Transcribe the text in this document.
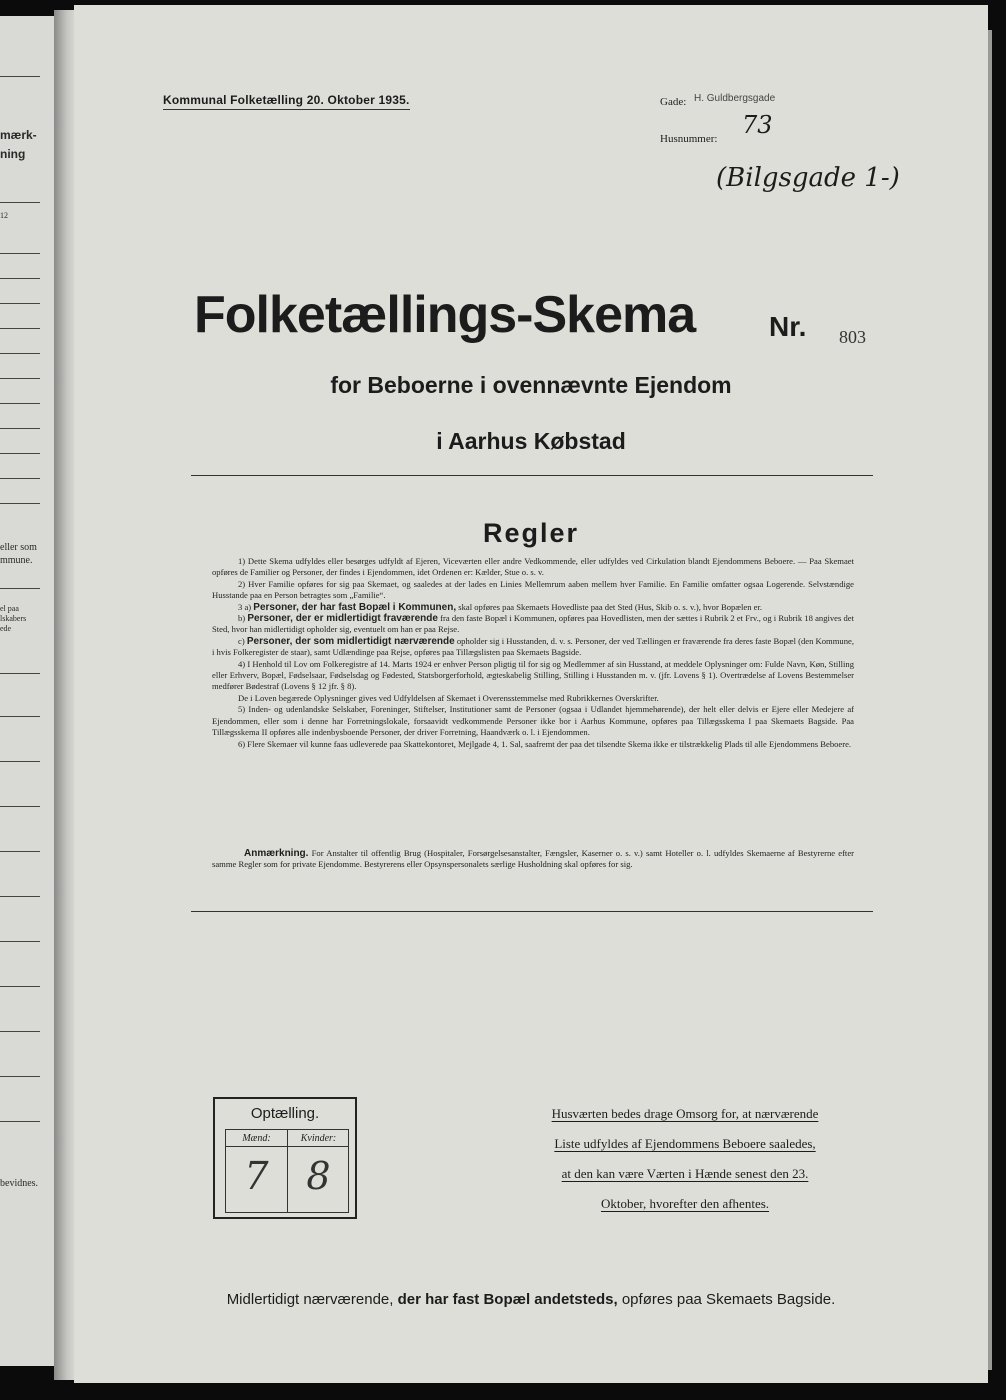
mærk-
ning
12
eller som
mmune.
el paa
lskabers
ede
bevidnes.
Kommunal Folketælling 20. Oktober 1935.	Gade: H. Guldbergsgade
Husnummer: 73
(Bilgsgade 1-)
Folketællings-Skema	Nr. 803
for Beboerne i ovennævnte Ejendom
i Aarhus Købstad
Regler

1) Dette Skema udfyldes eller besørges udfyldt af Ejeren, Viceværten eller andre Vedkommende, eller udfyldes ved Cirkulation blandt Ejendommens Beboere. — Paa Skemaet opføres de Familier og Personer, der findes i Ejendommen, idet Ordenen er: Kælder, Stue o. s. v.

2) Hver Familie opføres for sig paa Skemaet, og saaledes at der lades en Linies Mellemrum aaben mellem hver Familie. En Familie omfatter ogsaa Logerende. Selvstændige Husstande paa en Person betragtes som „Familie“.

3 a) Personer, der har fast Bopæl i Kommunen, skal opføres paa Skemaets Hovedliste paa det Sted (Hus, Skib o. s. v.), hvor Bopælen er.

b) Personer, der er midlertidigt fraværende fra den faste Bopæl i Kommunen, opføres paa Hovedlisten, men der sættes i Rubrik 2 et Frv., og i Rubrik 18 angives det Sted, hvor han midlertidigt opholder sig, eventuelt om han er paa Rejse.

c) Personer, der som midlertidigt nærværende opholder sig i Husstanden, d. v. s. Personer, der ved Tællingen er fraværende fra deres faste Bopæl (den Kommune, i hvis Folkeregister de staar), samt Udlændinge paa Rejse, opføres paa Tillægslisten paa Skemaets Bagside.

4) I Henhold til Lov om Folkeregistre af 14. Marts 1924 er enhver Person pligtig til for sig og Medlemmer af sin Husstand, at meddele Oplysninger om: Fulde Navn, Køn, Stilling eller Erhverv, Bopæl, Fødselsaar, Fødselsdag og Fødested, Statsborgerforhold, ægteskabelig Stilling, Stilling i Husstanden m. v. (jfr. Lovens § 1). Overtrædelse af Lovens Bestemmelser medfører Bødestraf (Lovens § 12 jfr. § 8).

De i Loven begærede Oplysninger gives ved Udfyldelsen af Skemaet i Overensstemmelse med Rubrikkernes Overskrifter.

5) Inden- og udenlandske Selskaber, Foreninger, Stiftelser, Institutioner samt de Personer (ogsaa i Udlandet hjemmehørende), der helt eller delvis er Ejere eller Medejere af Ejendommen, eller som i denne har Forretningslokale, forsaavidt vedkommende Personer ikke bor i Aarhus Kommune, opføres paa Tillægsskema I paa Skemaets Bagside. Paa Tillægsskema II opføres alle indenbysboende Personer, der driver Forretning, Haandværk o. l. i Ejendommen.

6) Flere Skemaer vil kunne faas udleverede paa Skattekontoret, Mejlgade 4, 1. Sal, saafremt der paa det tilsendte Skema ikke er tilstrækkelig Plads til alle Ejendommens Beboere.

Anmærkning. For Anstalter til offentlig Brug (Hospitaler, Forsørgelsesanstalter, Fængsler, Kaserner o. s. v.) samt Hoteller o. l. udfyldes Skemaerne af Bestyrerne efter samme Regler som for private Ejendomme. Bestyrerens eller Opsynspersonalets særlige Husholdning skal opføres for sig.

Optælling.
Mænd:
7
Kvinder:
8
Husværten bedes drage Omsorg for, at nærværende
Liste udfyldes af Ejendommens Beboere saaledes,
at den kan være Værten i Hænde senest den 23.
Oktober, hvorefter den afhentes.
Midlertidigt nærværende, der har fast Bopæl andetsteds, opføres paa Skemaets Bagside.
